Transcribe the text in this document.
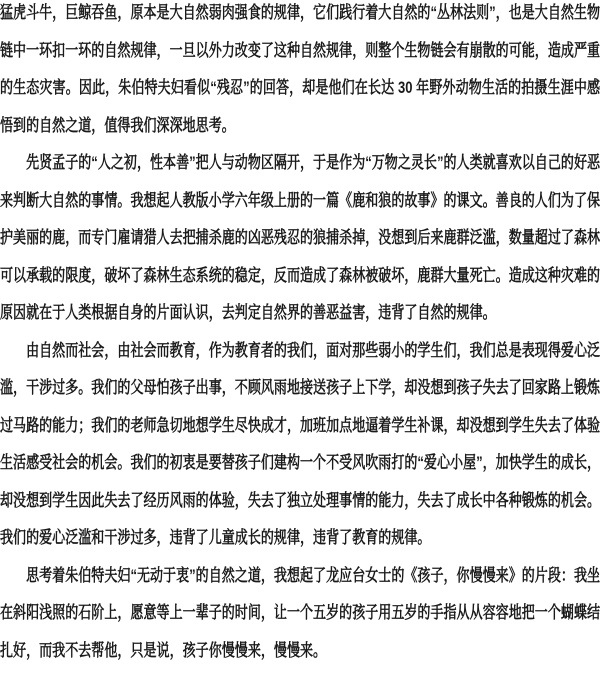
猛虎斗牛，巨鲸吞鱼，原本是大自然弱肉强食的规律，它们践行着大自然的“丛林法则”，也是大自然生物链中一环扣一环的自然规律，一旦以外力改变了这种自然规律，则整个生物链会有崩散的可能，造成严重的生态灾害。因此，朱伯特夫妇看似“残忍”的回答，却是他们在长达 30 年野外动物生活的拍摄生涯中感悟到的自然之道，值得我们深深地思考。

先贤孟子的“人之初，性本善”把人与动物区隔开，于是作为“万物之灵长”的人类就喜欢以自己的好恶来判断大自然的事情。我想起人教版小学六年级上册的一篇《鹿和狼的故事》的课文。善良的人们为了保护美丽的鹿，而专门雇请猎人去把捕杀鹿的凶恶残忍的狼捕杀掉，没想到后来鹿群泛滥，数量超过了森林可以承载的限度，破坏了森林生态系统的稳定，反而造成了森林被破坏，鹿群大量死亡。造成这种灾难的原因就在于人类根据自身的片面认识，去判定自然界的善恶益害，违背了自然的规律。

由自然而社会，由社会而教育，作为教育者的我们，面对那些弱小的学生们，我们总是表现得爱心泛滥，干涉过多。我们的父母怕孩子出事，不顾风雨地接送孩子上下学，却没想到孩子失去了回家路上锻炼过马路的能力；我们的老师急切地想学生尽快成才，加班加点地逼着学生补课，却没想到学生失去了体验生活感受社会的机会。我们的初衷是要替孩子们建构一个不受风吹雨打的“爱心小屋”，加快学生的成长，却没想到学生因此失去了经历风雨的体验，失去了独立处理事情的能力，失去了成长中各种锻炼的机会。我们的爱心泛滥和干涉过多，违背了儿童成长的规律，违背了教育的规律。

思考着朱伯特夫妇“无动于衷”的自然之道，我想起了龙应台女士的《孩子，你慢慢来》的片段：我坐在斜阳浅照的石阶上，愿意等上一辈子的时间，让一个五岁的孩子用五岁的手指从从容容地把一个蝴蝶结扎好，而我不去帮他，只是说，孩子你慢慢来，慢慢来。
